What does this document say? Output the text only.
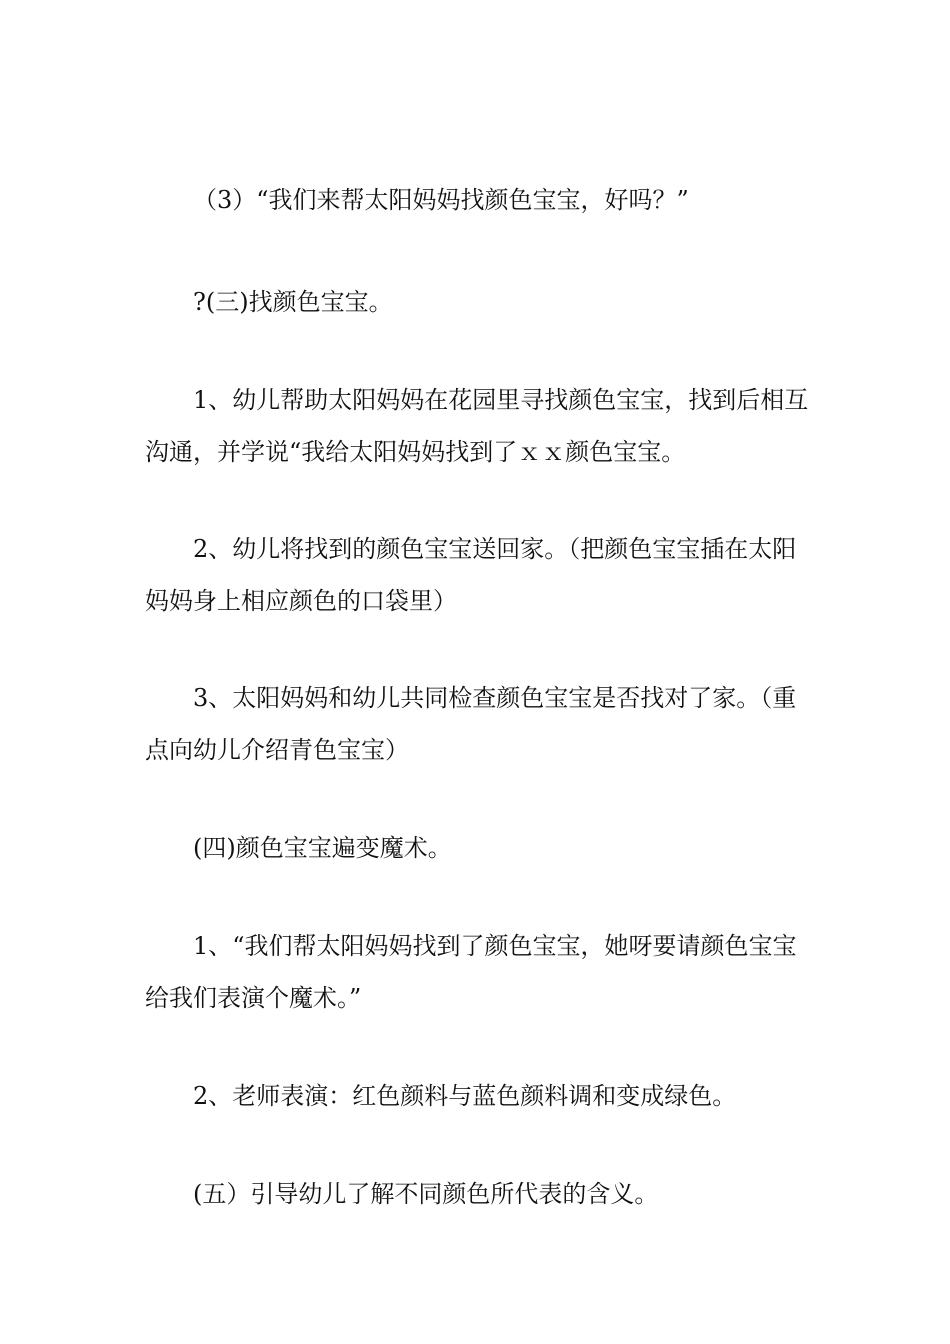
（3）“我们来帮太阳妈妈找颜色宝宝，好吗？”

?(三)找颜色宝宝。

1、幼儿帮助太阳妈妈在花园里寻找颜色宝宝，找到后相互沟通，并学说“我给太阳妈妈找到了ｘｘ颜色宝宝。

2、幼儿将找到的颜色宝宝送回家。（把颜色宝宝插在太阳妈妈身上相应颜色的口袋里）

3、太阳妈妈和幼儿共同检查颜色宝宝是否找对了家。（重点向幼儿介绍青色宝宝）

(四)颜色宝宝遍变魔术。

1、“我们帮太阳妈妈找到了颜色宝宝，她呀要请颜色宝宝给我们表演个魔术。”

2、老师表演：红色颜料与蓝色颜料调和变成绿色。

(五）引导幼儿了解不同颜色所代表的含义。
